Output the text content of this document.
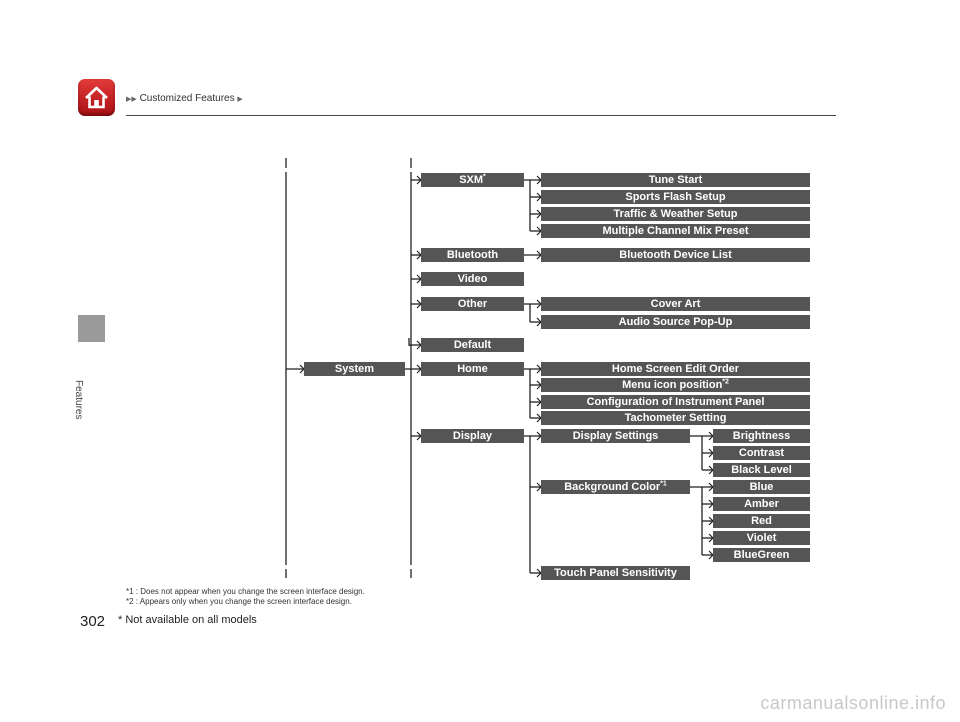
▶▶ Customized Features ▶
Features
System
SXM*	Tune Start
Sports Flash Setup
Traffic & Weather Setup
Multiple Channel Mix Preset
Bluetooth	Bluetooth Device List
Video
Other	Cover Art
Audio Source Pop-Up
Default
Home	Home Screen Edit Order
Menu icon position$^{*2}$
Configuration of Instrument Panel
Tachometer Setting
Display	Display Settings	Brightness
Contrast
Black Level
Background Color$^{*1}$	Blue
Amber
Red
Violet
BlueGreen
Touch Panel Sensitivity
*1 : Does not appear when you change the screen interface design.
*2 : Appears only when you change the screen interface design.
302 * Not available on all models
carmanualsonline.info
